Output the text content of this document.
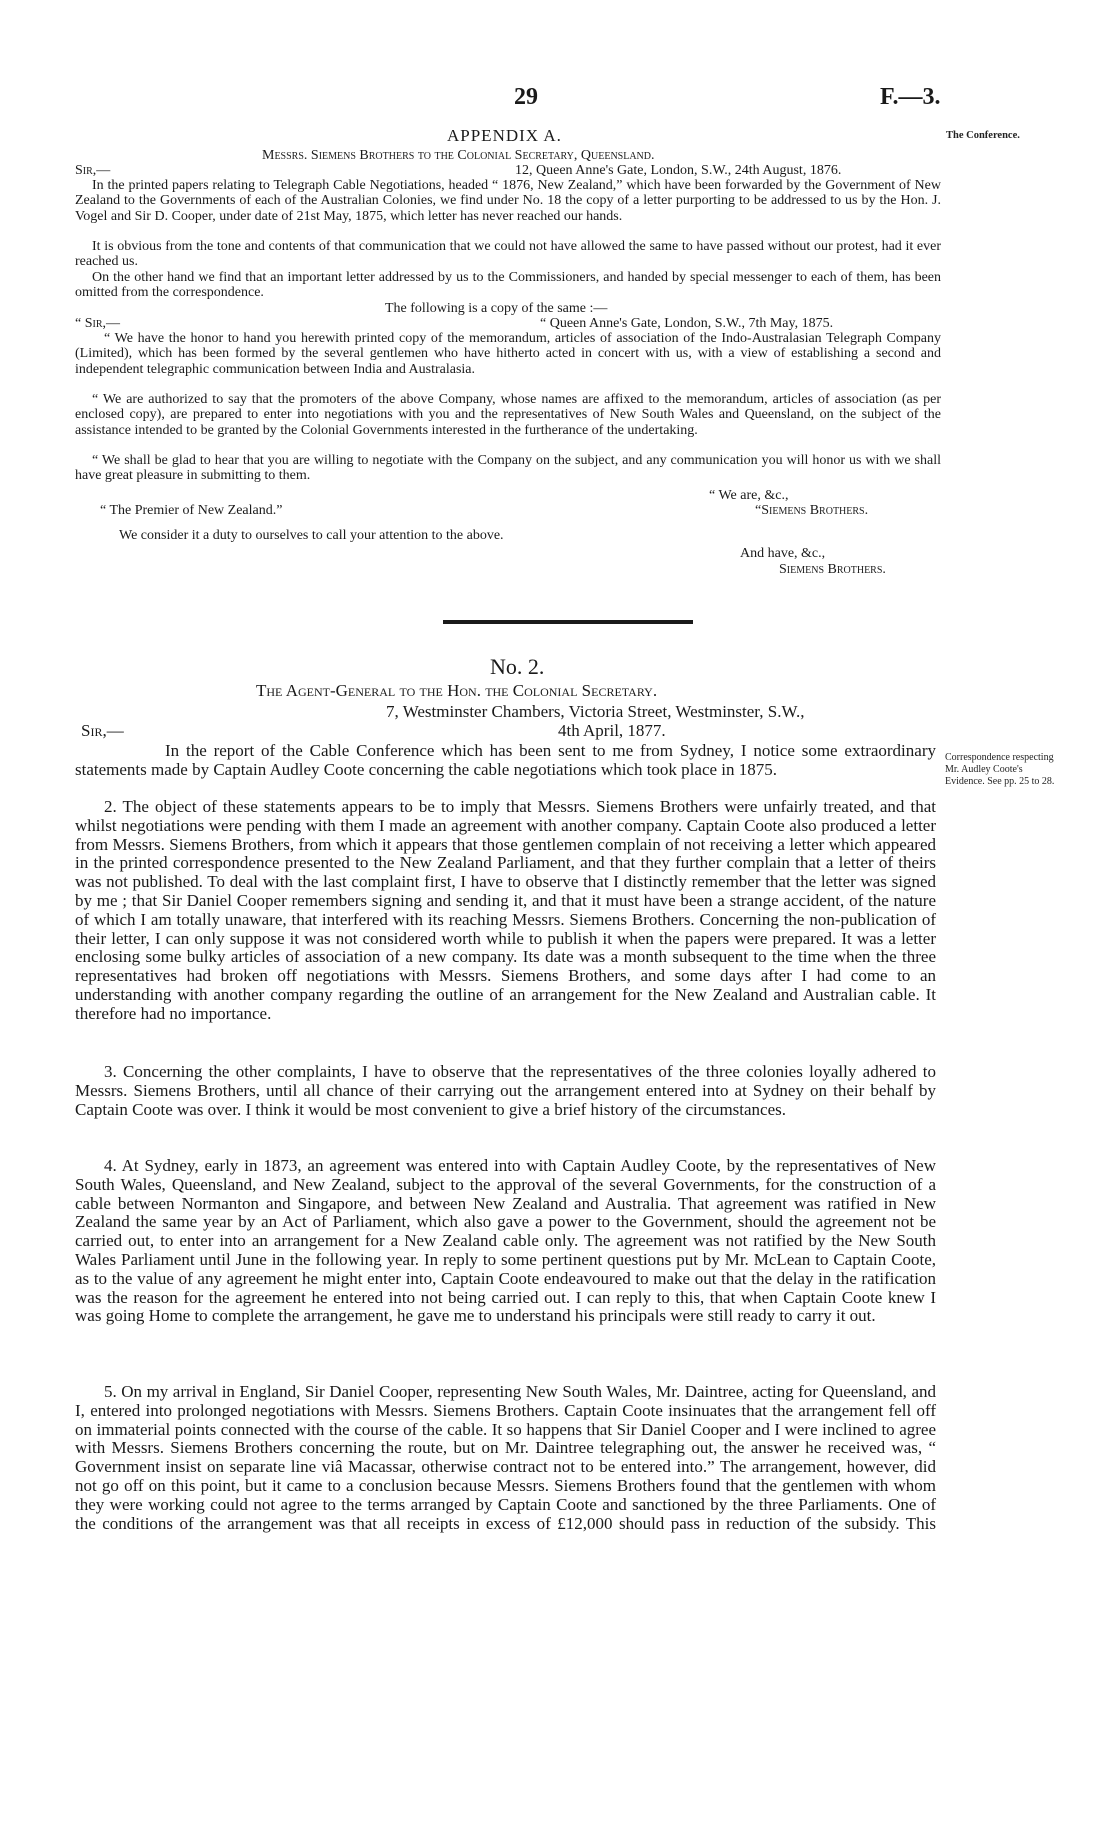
29	F.—3.
The Conference.
APPENDIX A.
Messrs. Siemens Brothers to the Colonial Secretary, Queensland.
Sir,—	12, Queen Anne's Gate, London, S.W., 24th August, 1876.
In the printed papers relating to Telegraph Cable Negotiations, headed “ 1876, New Zealand,” which have been forwarded by the Government of New Zealand to the Governments of each of the Australian Colonies, we find under No. 18 the copy of a letter purporting to be addressed to us by the Hon. J. Vogel and Sir D. Cooper, under date of 21st May, 1875, which letter has never reached our hands.
It is obvious from the tone and contents of that communication that we could not have allowed the same to have passed without our protest, had it ever reached us.
On the other hand we find that an important letter addressed by us to the Commissioners, and handed by special messenger to each of them, has been omitted from the correspondence.
The following is a copy of the same :—
“ Sir,—	“ Queen Anne's Gate, London, S.W., 7th May, 1875.
“ We have the honor to hand you herewith printed copy of the memorandum, articles of association of the Indo-Australasian Telegraph Company (Limited), which has been formed by the several gentlemen who have hitherto acted in concert with us, with a view of establishing a second and independent telegraphic communication between India and Australasia.
“ We are authorized to say that the promoters of the above Company, whose names are affixed to the memorandum, articles of association (as per enclosed copy), are prepared to enter into negotiations with you and the representatives of New South Wales and Queensland, on the subject of the assistance intended to be granted by the Colonial Governments interested in the furtherance of the undertaking.
“ We shall be glad to hear that you are willing to negotiate with the Company on the subject, and any communication you will honor us with we shall have great pleasure in submitting to them.
“ We are, &c.,
“Siemens Brothers.
“ The Premier of New Zealand.”
We consider it a duty to ourselves to call your attention to the above.
And have, &c.,
Siemens Brothers.
No. 2.
The Agent-General to the Hon. the Colonial Secretary.
7, Westminster Chambers, Victoria Street, Westminster, S.W.,
4th April, 1877.
Sir,—
Correspondence respecting Mr. Audley Coote's Evidence. See pp. 25 to 28.
In the report of the Cable Conference which has been sent to me from Sydney, I notice some extraordinary statements made by Captain Audley Coote concerning the cable negotiations which took place in 1875.
2. The object of these statements appears to be to imply that Messrs. Siemens Brothers were unfairly treated, and that whilst negotiations were pending with them I made an agreement with another company. Captain Coote also produced a letter from Messrs. Siemens Brothers, from which it appears that those gentlemen complain of not receiving a letter which appeared in the printed correspondence presented to the New Zealand Parliament, and that they further complain that a letter of theirs was not published. To deal with the last complaint first, I have to observe that I distinctly remember that the letter was signed by me ; that Sir Daniel Cooper remembers signing and sending it, and that it must have been a strange accident, of the nature of which I am totally unaware, that interfered with its reaching Messrs. Siemens Brothers. Concerning the non-publication of their letter, I can only suppose it was not considered worth while to publish it when the papers were prepared. It was a letter enclosing some bulky articles of association of a new company. Its date was a month subsequent to the time when the three representatives had broken off negotiations with Messrs. Siemens Brothers, and some days after I had come to an understanding with another company regarding the outline of an arrangement for the New Zealand and Australian cable. It therefore had no importance.
3. Concerning the other complaints, I have to observe that the representatives of the three colonies loyally adhered to Messrs. Siemens Brothers, until all chance of their carrying out the arrangement entered into at Sydney on their behalf by Captain Coote was over. I think it would be most convenient to give a brief history of the circumstances.
4. At Sydney, early in 1873, an agreement was entered into with Captain Audley Coote, by the representatives of New South Wales, Queensland, and New Zealand, subject to the approval of the several Governments, for the construction of a cable between Normanton and Singapore, and between New Zealand and Australia. That agreement was ratified in New Zealand the same year by an Act of Parliament, which also gave a power to the Government, should the agreement not be carried out, to enter into an arrangement for a New Zealand cable only. The agreement was not ratified by the New South Wales Parliament until June in the following year. In reply to some pertinent questions put by Mr. McLean to Captain Coote, as to the value of any agreement he might enter into, Captain Coote endeavoured to make out that the delay in the ratification was the reason for the agreement he entered into not being carried out. I can reply to this, that when Captain Coote knew I was going Home to complete the arrangement, he gave me to understand his principals were still ready to carry it out.
5. On my arrival in England, Sir Daniel Cooper, representing New South Wales, Mr. Daintree, acting for Queensland, and I, entered into prolonged negotiations with Messrs. Siemens Brothers. Captain Coote insinuates that the arrangement fell off on immaterial points connected with the course of the cable. It so happens that Sir Daniel Cooper and I were inclined to agree with Messrs. Siemens Brothers concerning the route, but on Mr. Daintree telegraphing out, the answer he received was, “ Government insist on separate line viâ Macassar, otherwise contract not to be entered into.” The arrangement, however, did not go off on this point, but it came to a conclusion because Messrs. Siemens Brothers found that the gentlemen with whom they were working could not agree to the terms arranged by Captain Coote and sanctioned by the three Parliaments. One of the conditions of the arrangement was that all receipts in excess of £12,000 should pass in reduction of the subsidy. This
